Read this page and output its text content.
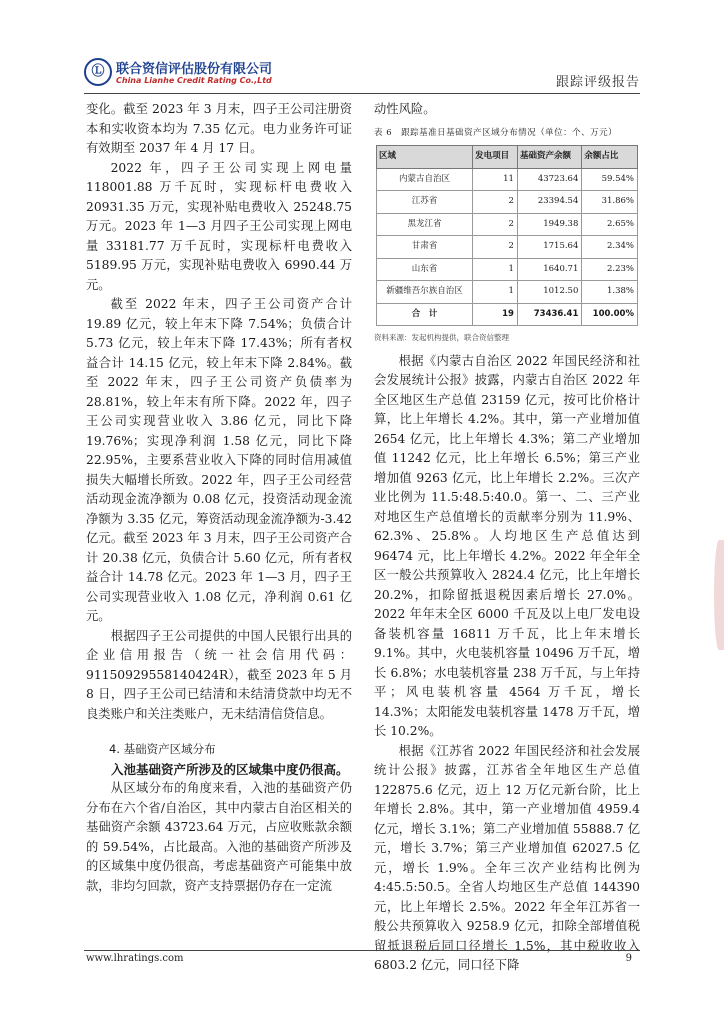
Ⓛ 联合资信评估股份有限公司
China Lianhe Credit Rating Co.,Ltd	跟踪评级报告

变化。截至 2023 年 3 月末，四子王公司注册资本和实收资本均为 7.35 亿元。电力业务许可证有效期至 2037 年 4 月 17 日。

2022 年，四子王公司实现上网电量 118001.88 万千瓦时，实现标杆电费收入 20931.35 万元，实现补贴电费收入 25248.75 万元。2023 年 1—3 月四子王公司实现上网电量 33181.77 万千瓦时，实现标杆电费收入 5189.95 万元，实现补贴电费收入 6990.44 万元。

截至 2022 年末，四子王公司资产合计 19.89 亿元，较上年末下降 7.54%；负债合计 5.73 亿元，较上年末下降 17.43%；所有者权益合计 14.15 亿元，较上年末下降 2.84%。截至 2022 年末，四子王公司资产负债率为 28.81%，较上年末有所下降。2022 年，四子王公司实现营业收入 3.86 亿元，同比下降 19.76%；实现净利润 1.58 亿元，同比下降 22.95%，主要系营业收入下降的同时信用减值损失大幅增长所致。2022 年，四子王公司经营活动现金流净额为 0.08 亿元，投资活动现金流净额为 3.35 亿元，筹资活动现金流净额为-3.42 亿元。截至 2023 年 3 月末，四子王公司资产合计 20.38 亿元，负债合计 5.60 亿元，所有者权益合计 14.78 亿元。2023 年 1—3 月，四子王公司实现营业收入 1.08 亿元，净利润 0.61 亿元。

根据四子王公司提供的中国人民银行出具的企业信用报告（统一社会信用代码：91150929558140424R），截至 2023 年 5 月 8 日，四子王公司已结清和未结清贷款中均无不良类账户和关注类账户，无未结清信贷信息。

4. 基础资产区域分布

入池基础资产所涉及的区域集中度仍很高。

从区域分布的角度来看，入池的基础资产仍分布在六个省/自治区，其中内蒙古自治区相关的基础资产余额 43723.64 万元，占应收账款余额的 59.54%，占比最高。入池的基础资产所涉及的区域集中度仍很高，考虑基础资产可能集中放款，非均匀回款，资产支持票据仍存在一定流

动性风险。

表 6　跟踪基准日基础资产区域分布情况（单位：个、万元）
区域	发电项目	基础资产余额	余额占比
内蒙古自治区	11	43723.64	59.54%
江苏省	2	23394.54	31.86%
黑龙江省	2	1949.38	2.65%
甘肃省	2	1715.64	2.34%
山东省	1	1640.71	2.23%
新疆维吾尔族自治区	1	1012.50	1.38%
合　计	19	73436.41	100.00%
资料来源：发起机构提供，联合资信整理

根据《内蒙古自治区 2022 年国民经济和社会发展统计公报》披露，内蒙古自治区 2022 年全区地区生产总值 23159 亿元，按可比价格计算，比上年增长 4.2%。其中，第一产业增加值 2654 亿元，比上年增长 4.3%；第二产业增加值 11242 亿元，比上年增长 6.5%；第三产业增加值 9263 亿元，比上年增长 2.2%。三次产业比例为 11.5:48.5:40.0。第一、二、三产业对地区生产总值增长的贡献率分别为 11.9%、62.3%、25.8%。人均地区生产总值达到 96474 元，比上年增长 4.2%。2022 年全年全区一般公共预算收入 2824.4 亿元，比上年增长 20.2%，扣除留抵退税因素后增长 27.0%。2022 年年末全区 6000 千瓦及以上电厂发电设备装机容量 16811 万千瓦，比上年末增长 9.1%。其中，火电装机容量 10496 万千瓦，增长 6.8%；水电装机容量 238 万千瓦，与上年持平；风电装机容量 4564 万千瓦，增长 14.3%；太阳能发电装机容量 1478 万千瓦，增长 10.2%。

根据《江苏省 2022 年国民经济和社会发展统计公报》披露，江苏省全年地区生产总值 122875.6 亿元，迈上 12 万亿元新台阶，比上年增长 2.8%。其中，第一产业增加值 4959.4 亿元，增长 3.1%；第二产业增加值 55888.7 亿元，增长 3.7%；第三产业增加值 62027.5 亿元，增长 1.9%。全年三次产业结构比例为 4:45.5:50.5。全省人均地区生产总值 144390 元，比上年增长 2.5%。2022 年全年江苏省一般公共预算收入 9258.9 亿元，扣除全部增值税留抵退税后同口径增长 1.5%，其中税收收入 6803.2 亿元，同口径下降

www.lhratings.com	9
